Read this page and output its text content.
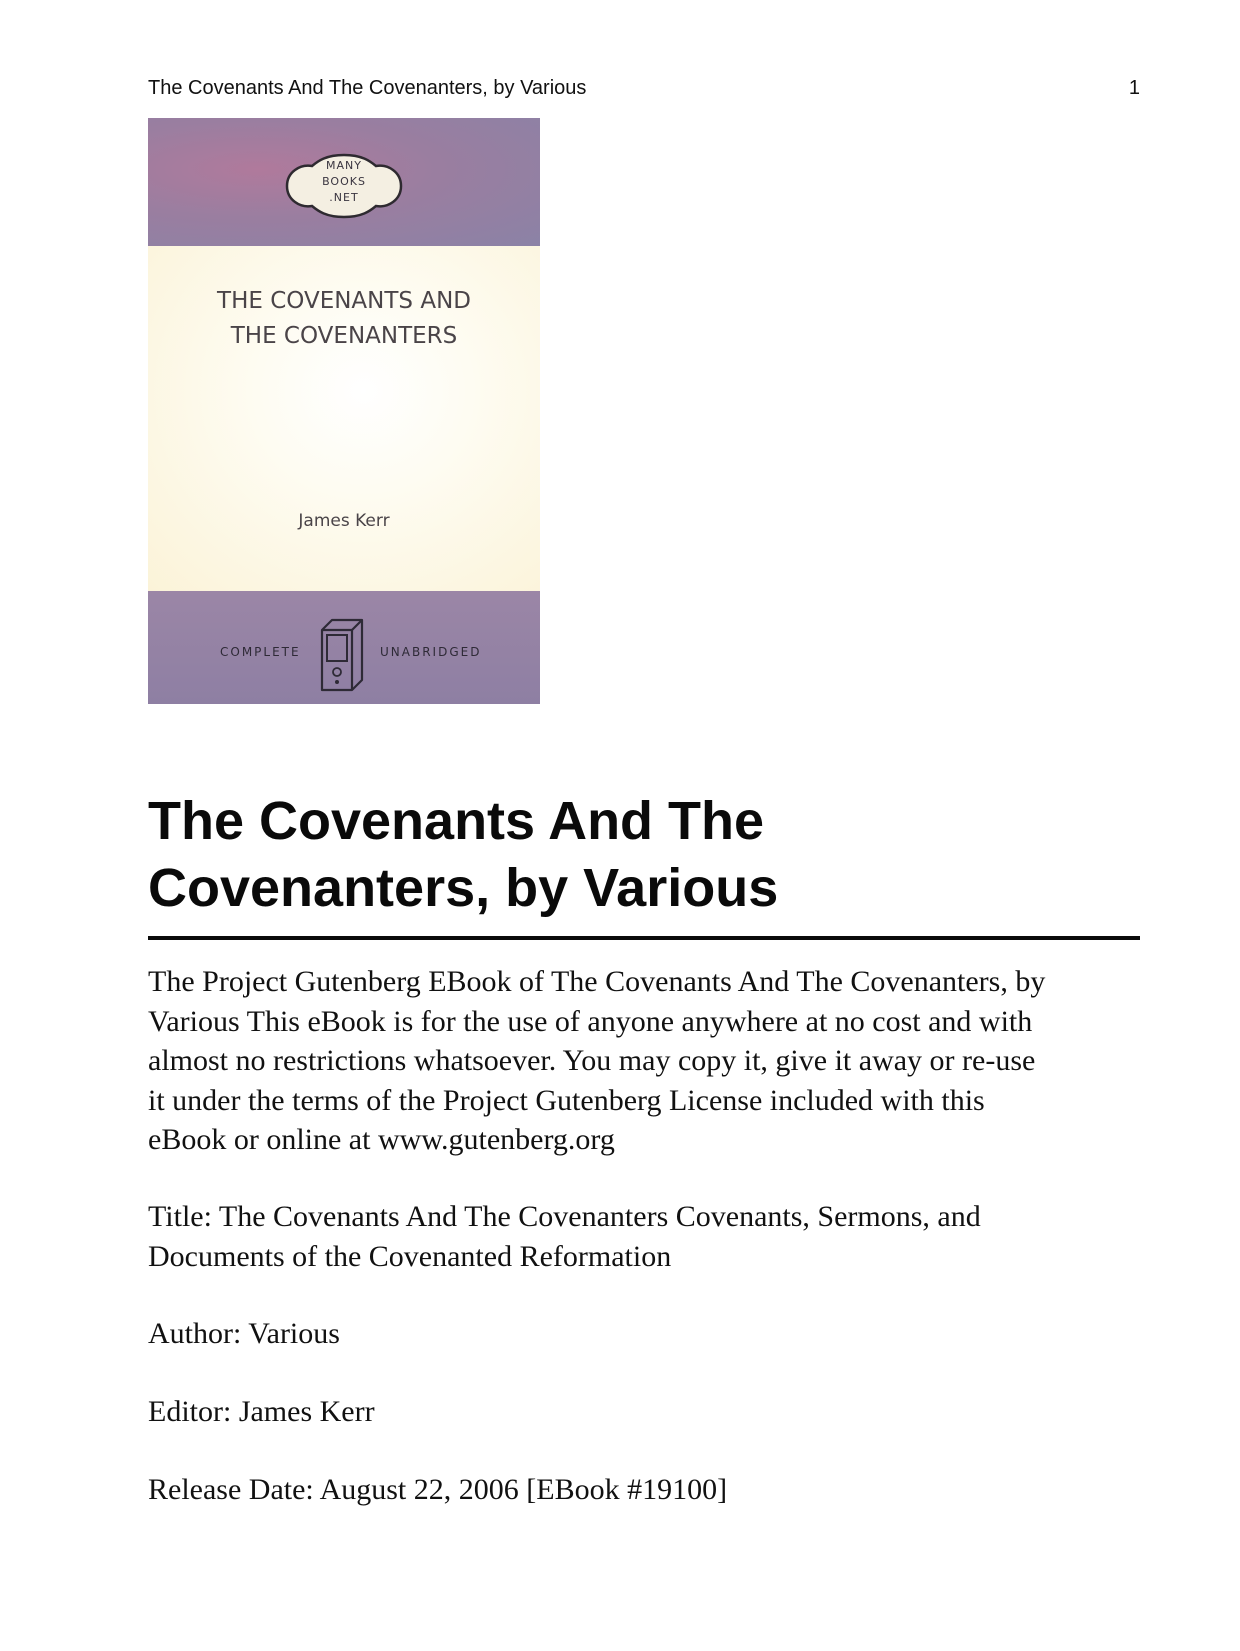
The Covenants And The Covenanters, by Various	1
MANY
BOOKS
.NET
THE COVENANTS AND
THE COVENANTERS
James Kerr
COMPLETE	UNABRIDGED
The Covenants And The
Covenanters, by Various

The Project Gutenberg EBook of The Covenants And The Covenanters, by
Various This eBook is for the use of anyone anywhere at no cost and with
almost no restrictions whatsoever. You may copy it, give it away or re-use
it under the terms of the Project Gutenberg License included with this
eBook or online at www.gutenberg.org

Title: The Covenants And The Covenanters Covenants, Sermons, and
Documents of the Covenanted Reformation

Author: Various

Editor: James Kerr

Release Date: August 22, 2006 [EBook #19100]
